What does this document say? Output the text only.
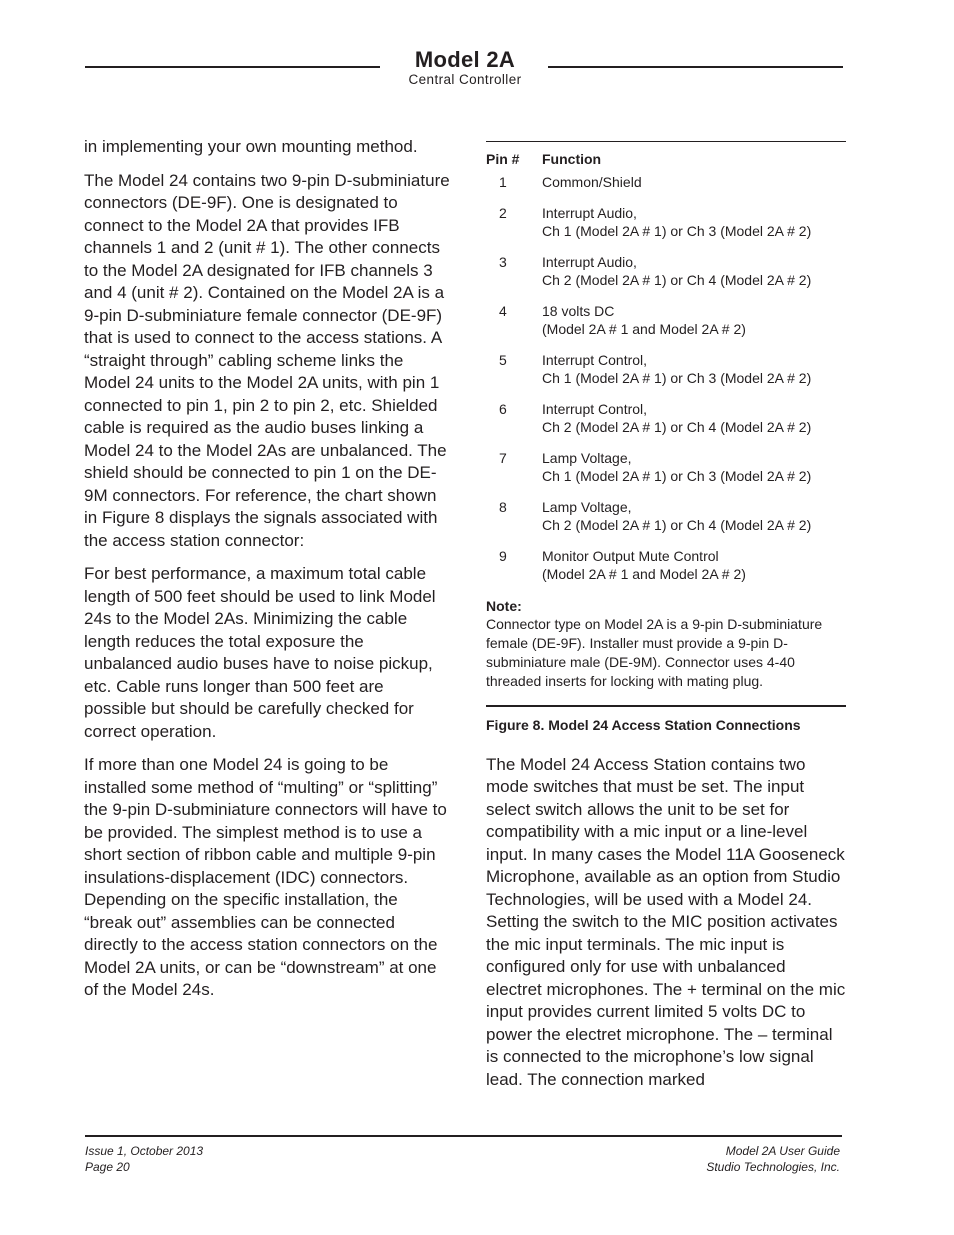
Model 2A
Central Controller

in implementing your own mounting method.

The Model 24 contains two 9-pin D-subminiature connectors (DE-9F). One is designated to connect to the Model 2A that provides IFB channels 1 and 2 (unit # 1). The other connects to the Model 2A designated for IFB channels 3 and 4 (unit # 2). Contained on the Model 2A is a 9-pin D-subminiature female connector (DE-9F) that is used to connect to the access stations. A “straight through” cabling scheme links the Model 24 units to the Model 2A units, with pin 1 connected to pin 1, pin 2 to pin 2, etc. Shielded cable is required as the audio buses linking a Model 24 to the Model 2As are unbalanced. The shield should be connected to pin 1 on the DE-9M connectors. For reference, the chart shown in Figure 8 displays the signals associated with the access station connector:

For best performance, a maximum total cable length of 500 feet should be used to link Model 24s to the Model 2As. Minimizing the cable length reduces the total exposure the unbalanced audio buses have to noise pickup, etc. Cable runs longer than 500 feet are possible but should be carefully checked for correct operation.

If more than one Model 24 is going to be installed some method of “multing” or “splitting” the 9-pin D-subminiature connectors will have to be provided. The simplest method is to use a short section of ribbon cable and multiple 9-pin insulations-displacement (IDC) connectors. Depending on the specific installation, the “break out” assemblies can be connected directly to the access station connectors on the Model 2A units, or can be “downstream” at one of the Model 24s.

Pin #	Function
1	Common/Shield
2	Interrupt Audio,
Ch 1 (Model 2A # 1) or Ch 3 (Model 2A # 2)
3	Interrupt Audio,
Ch 2 (Model 2A # 1) or Ch 4 (Model 2A # 2)
4	18 volts DC
(Model 2A # 1 and Model 2A # 2)
5	Interrupt Control,
Ch 1 (Model 2A # 1) or Ch 3 (Model 2A # 2)
6	Interrupt Control,
Ch 2 (Model 2A # 1) or Ch 4 (Model 2A # 2)
7	Lamp Voltage,
Ch 1 (Model 2A # 1) or Ch 3 (Model 2A # 2)
8	Lamp Voltage,
Ch 2 (Model 2A # 1) or Ch 4 (Model 2A # 2)
9	Monitor Output Mute Control
(Model 2A # 1 and Model 2A # 2)
Note:
Connector type on Model 2A is a 9-pin D-subminiature female (DE-9F). Installer must provide a 9-pin D-subminiature male (DE-9M). Connector uses 4-40 threaded inserts for locking with mating plug.
Figure 8. Model 24 Access Station Connections
The Model 24 Access Station contains two mode switches that must be set. The input select switch allows the unit to be set for compatibility with a mic input or a line-level input. In many cases the Model 11A Gooseneck Microphone, available as an option from Studio Technologies, will be used with a Model 24. Setting the switch to the MIC position activates the mic input terminals. The mic input is configured only for use with unbalanced electret microphones. The + terminal on the mic input provides current limited 5 volts DC to power the electret microphone. The – terminal is connected to the microphone’s low signal lead. The connection marked
Issue 1, October 2013
Page 20
Model 2A User Guide
Studio Technologies, Inc.
